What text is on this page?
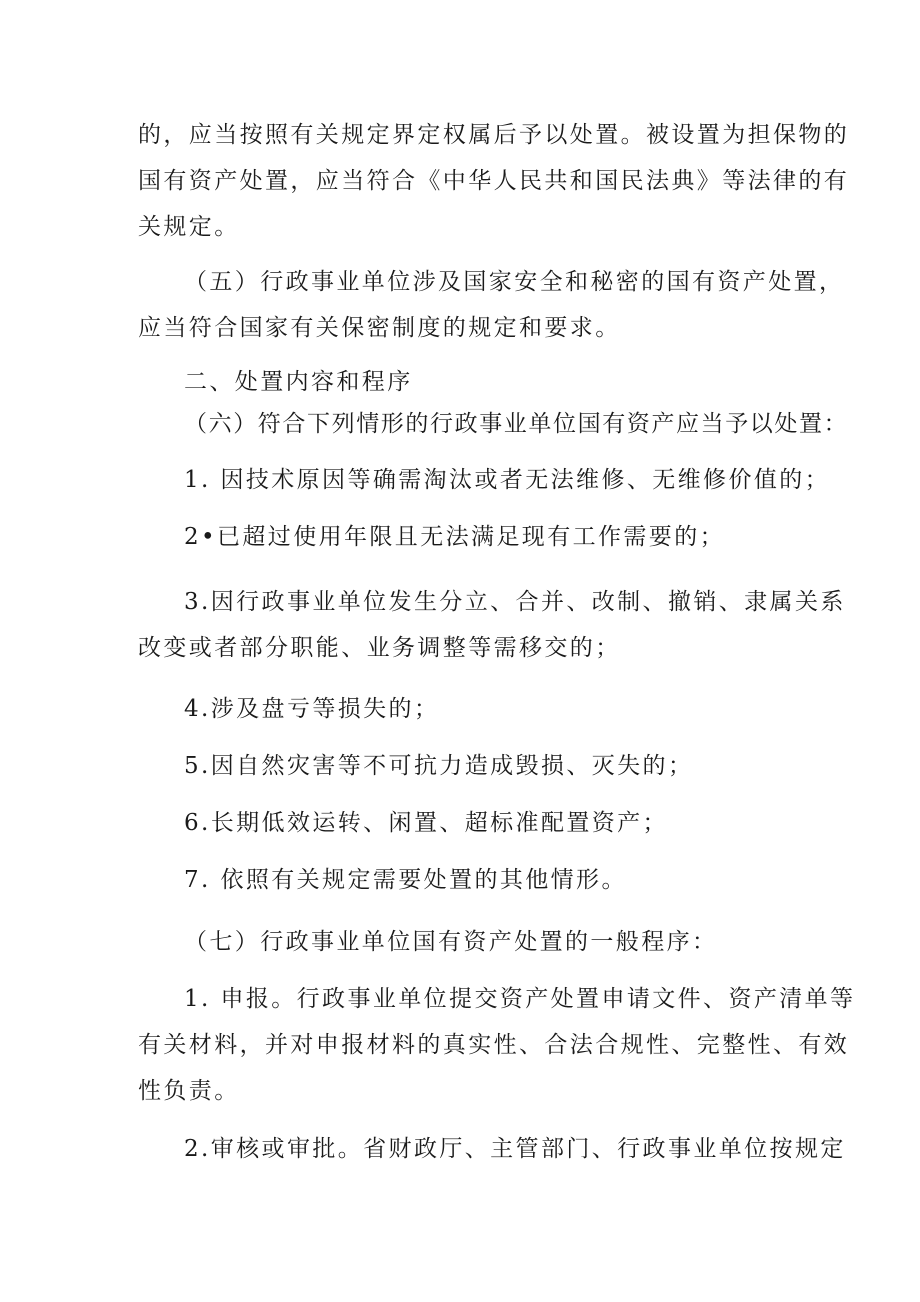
的，应当按照有关规定界定权属后予以处置。被设置为担保物的
国有资产处置，应当符合《中华人民共和国民法典》等法律的有
关规定。
（五）行政事业单位涉及国家安全和秘密的国有资产处置，
应当符合国家有关保密制度的规定和要求。
二、处置内容和程序
（六）符合下列情形的行政事业单位国有资产应当予以处置：
1. 因技术原因等确需淘汰或者无法维修、无维修价值的；
2•已超过使用年限且无法满足现有工作需要的；
3.因行政事业单位发生分立、合并、改制、撤销、隶属关系
改变或者部分职能、业务调整等需移交的；
4.涉及盘亏等损失的；
5.因自然灾害等不可抗力造成毁损、灭失的；
6.长期低效运转、闲置、超标准配置资产；
7. 依照有关规定需要处置的其他情形。
（七）行政事业单位国有资产处置的一般程序：
1. 申报。行政事业单位提交资产处置申请文件、资产清单等
有关材料，并对申报材料的真实性、合法合规性、完整性、有效
性负责。
2.审核或审批。省财政厅、主管部门、行政事业单位按规定
